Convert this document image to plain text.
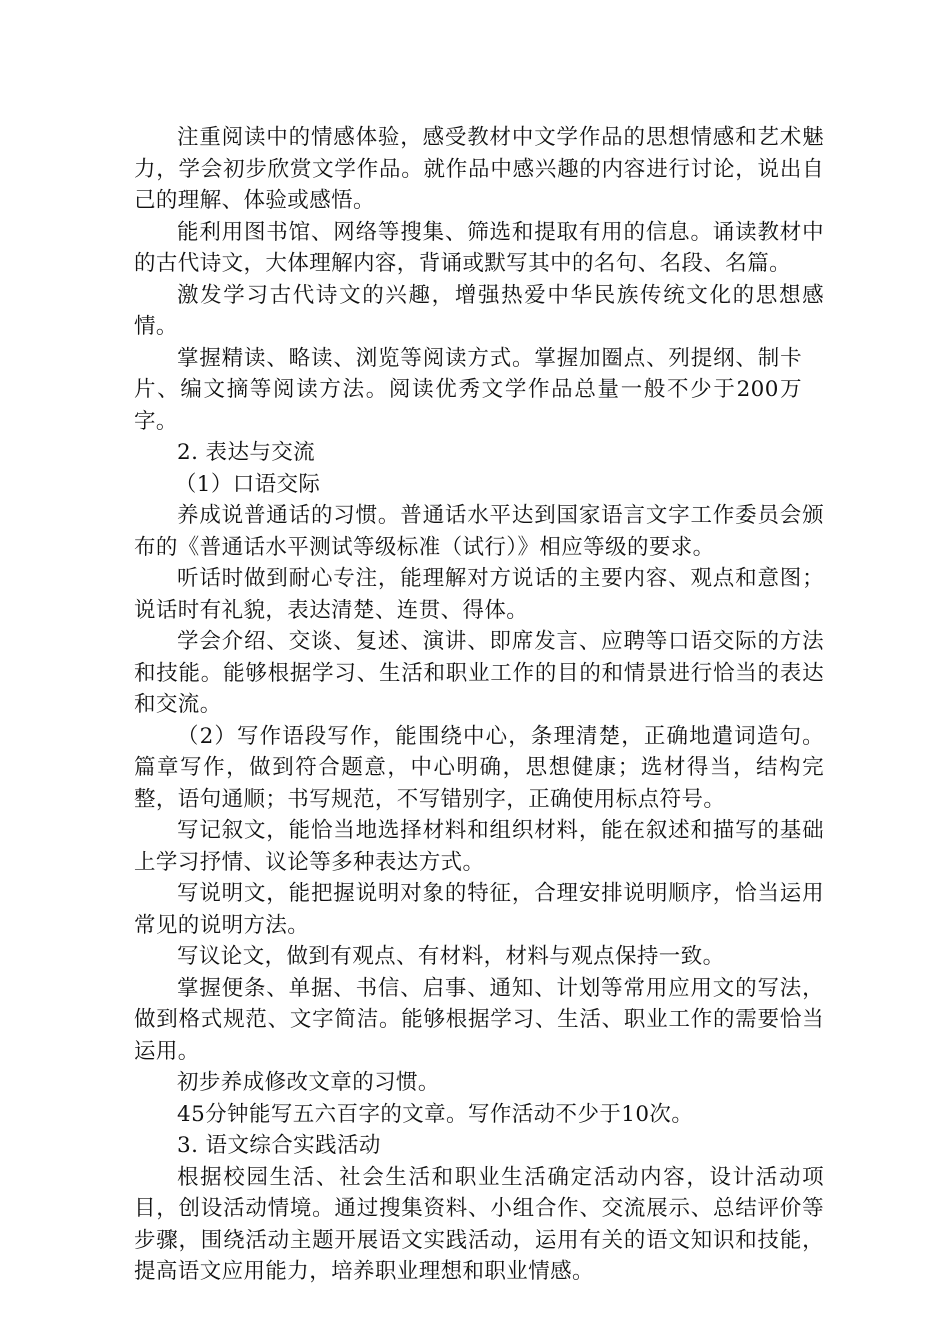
注重阅读中的情感体验，感受教材中文学作品的思想情感和艺术魅力，学会初步欣赏文学作品。就作品中感兴趣的内容进行讨论，说出自己的理解、体验或感悟。

能利用图书馆、网络等搜集、筛选和提取有用的信息。诵读教材中的古代诗文，大体理解内容，背诵或默写其中的名句、名段、名篇。

激发学习古代诗文的兴趣，增强热爱中华民族传统文化的思想感情。

掌握精读、略读、浏览等阅读方式。掌握加圈点、列提纲、制卡片、编文摘等阅读方法。阅读优秀文学作品总量一般不少于200万字。

2. 表达与交流

（1）口语交际

养成说普通话的习惯。普通话水平达到国家语言文字工作委员会颁布的《普通话水平测试等级标准（试行）》相应等级的要求。

听话时做到耐心专注，能理解对方说话的主要内容、观点和意图；说话时有礼貌，表达清楚、连贯、得体。

学会介绍、交谈、复述、演讲、即席发言、应聘等口语交际的方法和技能。能够根据学习、生活和职业工作的目的和情景进行恰当的表达和交流。

（2）写作语段写作，能围绕中心，条理清楚，正确地遣词造句。篇章写作，做到符合题意，中心明确，思想健康；选材得当，结构完整，语句通顺；书写规范，不写错别字，正确使用标点符号。

写记叙文，能恰当地选择材料和组织材料，能在叙述和描写的基础上学习抒情、议论等多种表达方式。

写说明文，能把握说明对象的特征，合理安排说明顺序，恰当运用常见的说明方法。

写议论文，做到有观点、有材料，材料与观点保持一致。

掌握便条、单据、书信、启事、通知、计划等常用应用文的写法，做到格式规范、文字简洁。能够根据学习、生活、职业工作的需要恰当运用。

初步养成修改文章的习惯。

45分钟能写五六百字的文章。写作活动不少于10次。

3. 语文综合实践活动

根据校园生活、社会生活和职业生活确定活动内容，设计活动项目，创设活动情境。通过搜集资料、小组合作、交流展示、总结评价等步骤，围绕活动主题开展语文实践活动，运用有关的语文知识和技能，提高语文应用能力，培养职业理想和职业情感。
